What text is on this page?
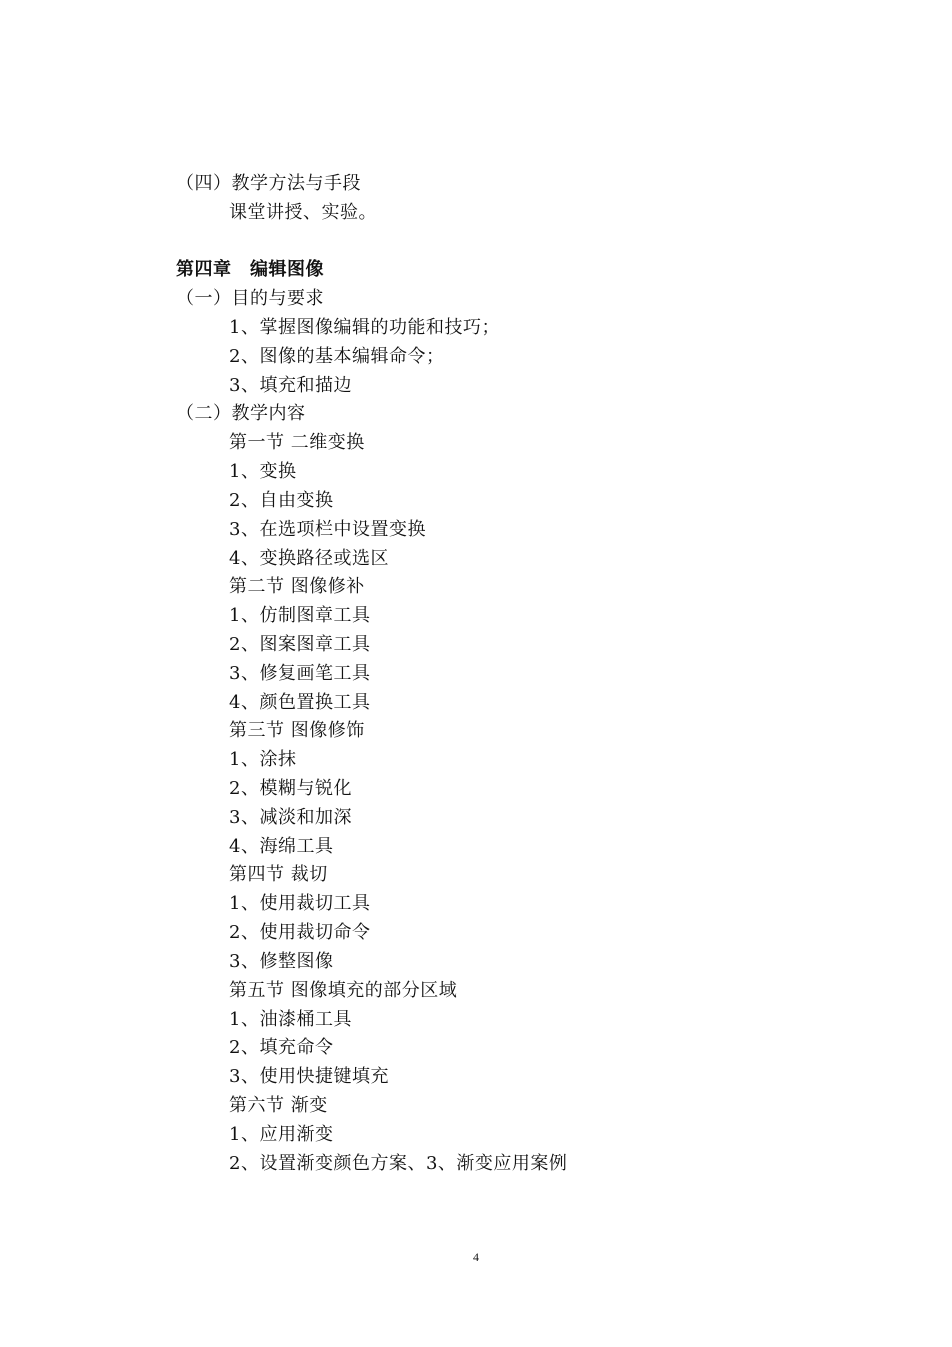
（四）教学方法与手段
课堂讲授、实验。
第四章　编辑图像
（一）目的与要求
1、掌握图像编辑的功能和技巧；
2、图像的基本编辑命令；
3、填充和描边
（二）教学内容
第一节 二维变换
1、变换
2、自由变换
3、在选项栏中设置变换
4、变换路径或选区
第二节 图像修补
1、仿制图章工具
2、图案图章工具
3、修复画笔工具
4、颜色置换工具
第三节 图像修饰
1、涂抹
2、模糊与锐化
3、减淡和加深
4、海绵工具
第四节 裁切
1、使用裁切工具
2、使用裁切命令
3、修整图像
第五节 图像填充的部分区域
1、油漆桶工具
2、填充命令
3、使用快捷键填充
第六节 渐变
1、应用渐变
2、设置渐变颜色方案、3、渐变应用案例
4
